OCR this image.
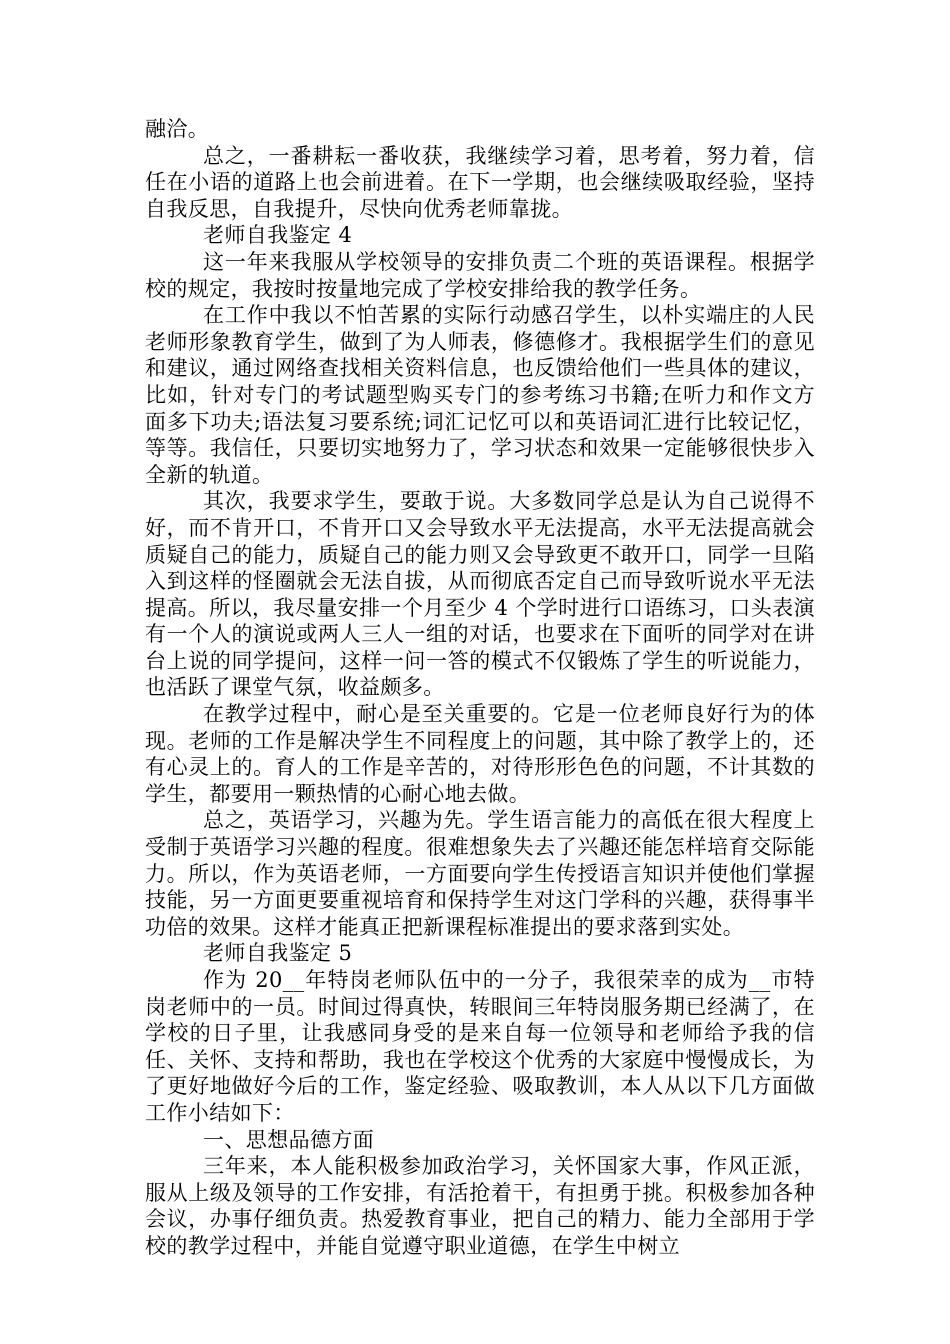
融洽。

总之，一番耕耘一番收获，我继续学习着，思考着，努力着，信任在小语的道路上也会前进着。在下一学期，也会继续吸取经验，坚持自我反思，自我提升，尽快向优秀老师靠拢。

老师自我鉴定 4

这一年来我服从学校领导的安排负责二个班的英语课程。根据学校的规定，我按时按量地完成了学校安排给我的教学任务。

在工作中我以不怕苦累的实际行动感召学生，以朴实端庄的人民老师形象教育学生，做到了为人师表，修德修才。我根据学生们的意见和建议，通过网络查找相关资料信息，也反馈给他们一些具体的建议，比如，针对专门的考试题型购买专门的参考练习书籍;在听力和作文方面多下功夫;语法复习要系统;词汇记忆可以和英语词汇进行比较记忆，等等。我信任，只要切实地努力了，学习状态和效果一定能够很快步入全新的轨道。

其次，我要求学生，要敢于说。大多数同学总是认为自己说得不好，而不肯开口，不肯开口又会导致水平无法提高，水平无法提高就会质疑自己的能力，质疑自己的能力则又会导致更不敢开口，同学一旦陷入到这样的怪圈就会无法自拔，从而彻底否定自己而导致听说水平无法提高。所以，我尽量安排一个月至少 4 个学时进行口语练习，口头表演有一个人的演说或两人三人一组的对话，也要求在下面听的同学对在讲台上说的同学提问，这样一问一答的模式不仅锻炼了学生的听说能力，也活跃了课堂气氛，收益颇多。

在教学过程中，耐心是至关重要的。它是一位老师良好行为的体现。老师的工作是解决学生不同程度上的问题，其中除了教学上的，还有心灵上的。育人的工作是辛苦的，对待形形色色的问题，不计其数的学生，都要用一颗热情的心耐心地去做。

总之，英语学习，兴趣为先。学生语言能力的高低在很大程度上受制于英语学习兴趣的程度。很难想象失去了兴趣还能怎样培育交际能力。所以，作为英语老师，一方面要向学生传授语言知识并使他们掌握技能，另一方面更要重视培育和保持学生对这门学科的兴趣，获得事半功倍的效果。这样才能真正把新课程标准提出的要求落到实处。

老师自我鉴定 5

作为 20__年特岗老师队伍中的一分子，我很荣幸的成为__市特岗老师中的一员。时间过得真快，转眼间三年特岗服务期已经满了，在学校的日子里，让我感同身受的是来自每一位领导和老师给予我的信任、关怀、支持和帮助，我也在学校这个优秀的大家庭中慢慢成长，为了更好地做好今后的工作，鉴定经验、吸取教训，本人从以下几方面做工作小结如下：

一、思想品德方面

三年来，本人能积极参加政治学习，关怀国家大事，作风正派，服从上级及领导的工作安排，有活抢着干，有担勇于挑。积极参加各种会议，办事仔细负责。热爱教育事业，把自己的精力、能力全部用于学校的教学过程中，并能自觉遵守职业道德，在学生中树立
